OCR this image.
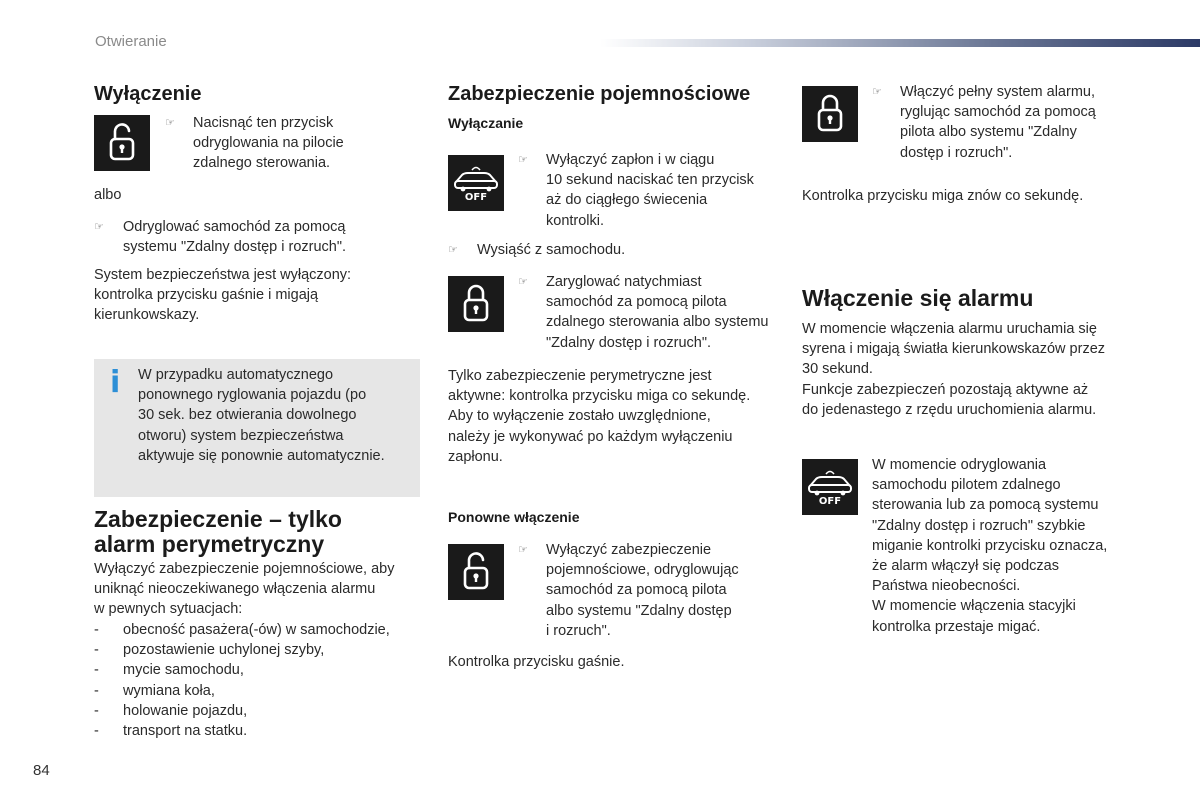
Otwieranie
Wyłączenie
☞ Nacisnąć ten przycisk
odryglowania na pilocie
zdalnego sterowania.
albo
☞ Odryglować samochód za pomocą
systemu "Zdalny dostęp i rozruch".
System bezpieczeństwa jest wyłączony:
kontrolka przycisku gaśnie i migają
kierunkowskazy.
i W przypadku automatycznego
ponownego ryglowania pojazdu (po
30 sek. bez otwierania dowolnego
otworu) system bezpieczeństwa
aktywuje się ponownie automatycznie.
Zabezpieczenie – tylko
alarm perymetryczny
Wyłączyć zabezpieczenie pojemnościowe, aby
uniknąć nieoczekiwanego włączenia alarmu
w pewnych sytuacjach:
- obecność pasażera(-ów) w samochodzie,
- pozostawienie uchylonej szyby,
- mycie samochodu,
- wymiana koła,
- holowanie pojazdu,
- transport na statku.
Zabezpieczenie pojemnościowe
Wyłączanie
OFF
☞ Wyłączyć zapłon i w ciągu
10 sekund naciskać ten przycisk
aż do ciągłego świecenia
kontrolki.
☞ Wysiąść z samochodu.
☞ Zaryglować natychmiast
samochód za pomocą pilota
zdalnego sterowania albo systemu
"Zdalny dostęp i rozruch".
Tylko zabezpieczenie perymetryczne jest
aktywne: kontrolka przycisku miga co sekundę.
Aby to wyłączenie zostało uwzględnione,
należy je wykonywać po każdym wyłączeniu
zapłonu.
Ponowne włączenie
☞ Wyłączyć zabezpieczenie
pojemnościowe, odryglowując
samochód za pomocą pilota
albo systemu "Zdalny dostęp
i rozruch".
Kontrolka przycisku gaśnie.
☞ Włączyć pełny system alarmu,
ryglując samochód za pomocą
pilota albo systemu "Zdalny
dostęp i rozruch".
Kontrolka przycisku miga znów co sekundę.
Włączenie się alarmu
W momencie włączenia alarmu uruchamia się
syrena i migają światła kierunkowskazów przez
30 sekund.
Funkcje zabezpieczeń pozostają aktywne aż
do jedenastego z rzędu uruchomienia alarmu.
OFF
W momencie odryglowania
samochodu pilotem zdalnego
sterowania lub za pomocą systemu
"Zdalny dostęp i rozruch" szybkie
miganie kontrolki przycisku oznacza,
że alarm włączył się podczas
Państwa nieobecności.
W momencie włączenia stacyjki
kontrolka przestaje migać.
84
